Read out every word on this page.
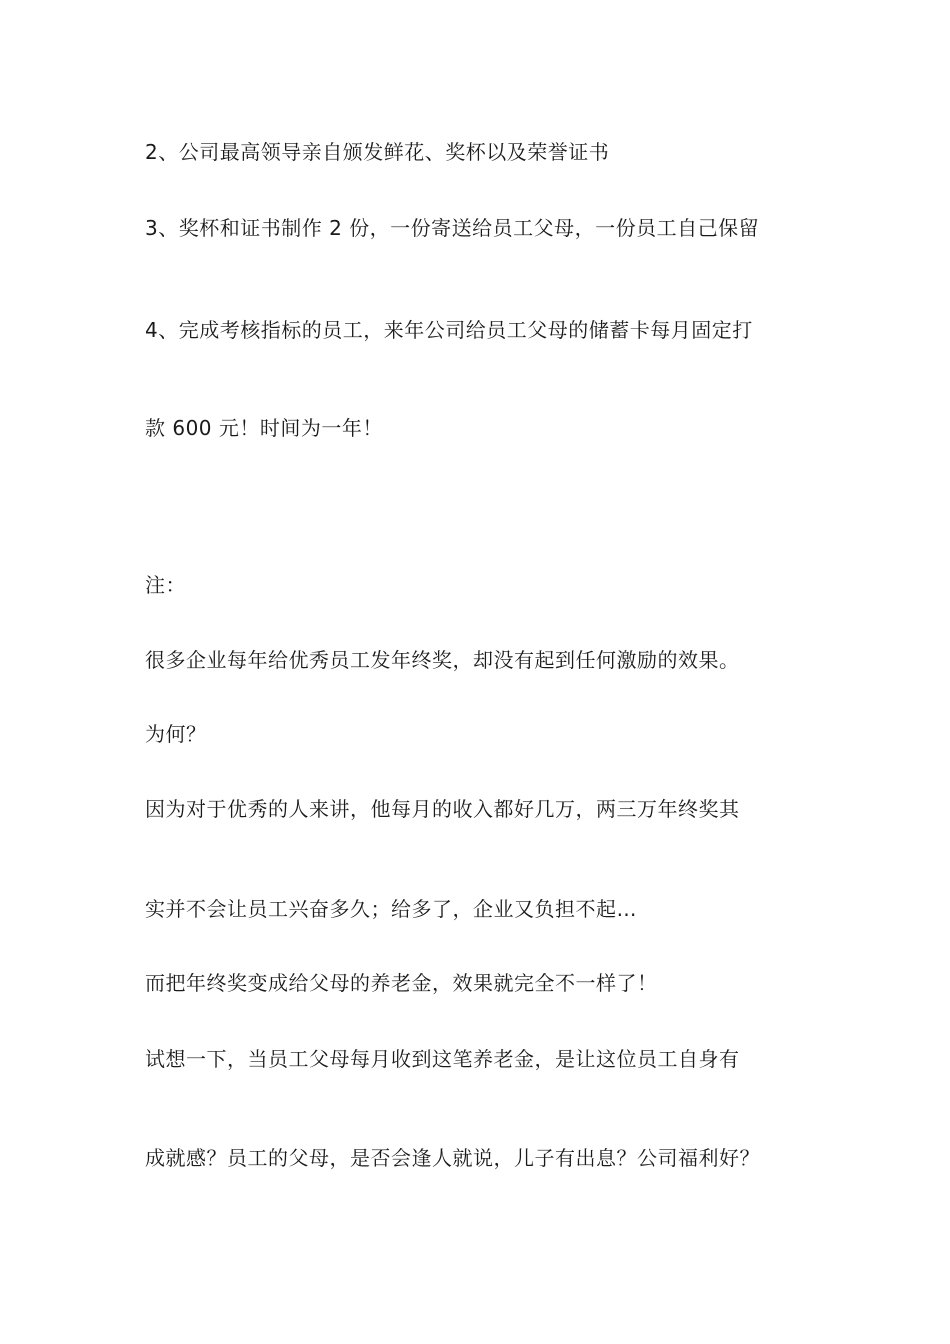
2、公司最高领导亲自颁发鲜花、奖杯以及荣誉证书
3、奖杯和证书制作 2 份，一份寄送给员工父母，一份员工自己保留
4、完成考核指标的员工，来年公司给员工父母的储蓄卡每月固定打
款 600 元！时间为一年！
注：
很多企业每年给优秀员工发年终奖，却没有起到任何激励的效果。
为何？
因为对于优秀的人来讲，他每月的收入都好几万，两三万年终奖其
实并不会让员工兴奋多久；给多了，企业又负担不起…
而把年终奖变成给父母的养老金，效果就完全不一样了！
试想一下，当员工父母每月收到这笔养老金，是让这位员工自身有
成就感？员工的父母，是否会逢人就说，儿子有出息？公司福利好？
